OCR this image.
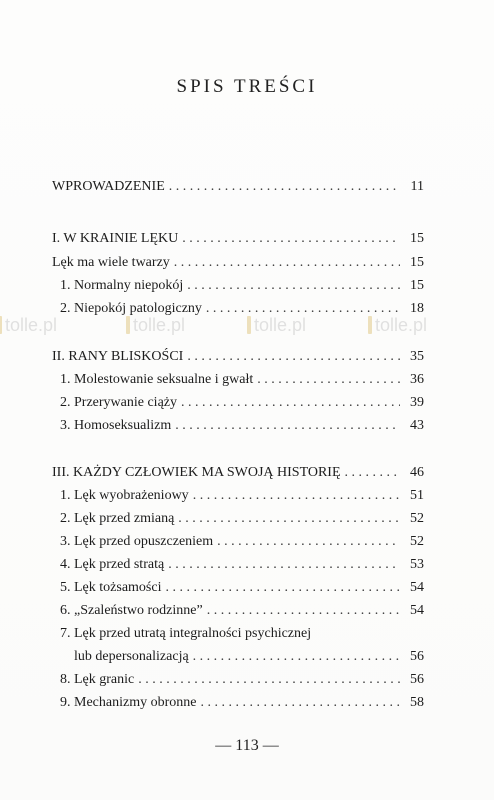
SPIS TREŚCI
WPROWADZENIE . . .	11
I. W KRAINIE LĘKU . . .	15
Lęk ma wiele twarzy . . .	15
1. Normalny niepokój . . .	15
2. Niepokój patologiczny . . .	18
II. RANY BLISKOŚCI . . .	35
1. Molestowanie seksualne i gwałt . . .	36
2. Przerywanie ciąży . . .	39
3. Homoseksualizm . . .	43
III. KAŻDY CZŁOWIEK MA SWOJĄ HISTORIĘ . . .	46
1. Lęk wyobrażeniowy . . .	51
2. Lęk przed zmianą . . .	52
3. Lęk przed opuszczeniem . . .	52
4. Lęk przed stratą . . .	53
5. Lęk tożsamości . . .	54
6. „Szaleństwo rodzinne” . . .	54
7. Lęk przed utratą integralności psychicznej
lub depersonalizacją . . .	56
8. Lęk granic . . .	56
9. Mechanizmy obronne . . .	58
tolle.pl	tolle.pl	tolle.pl	tolle.pl
— 113 —
